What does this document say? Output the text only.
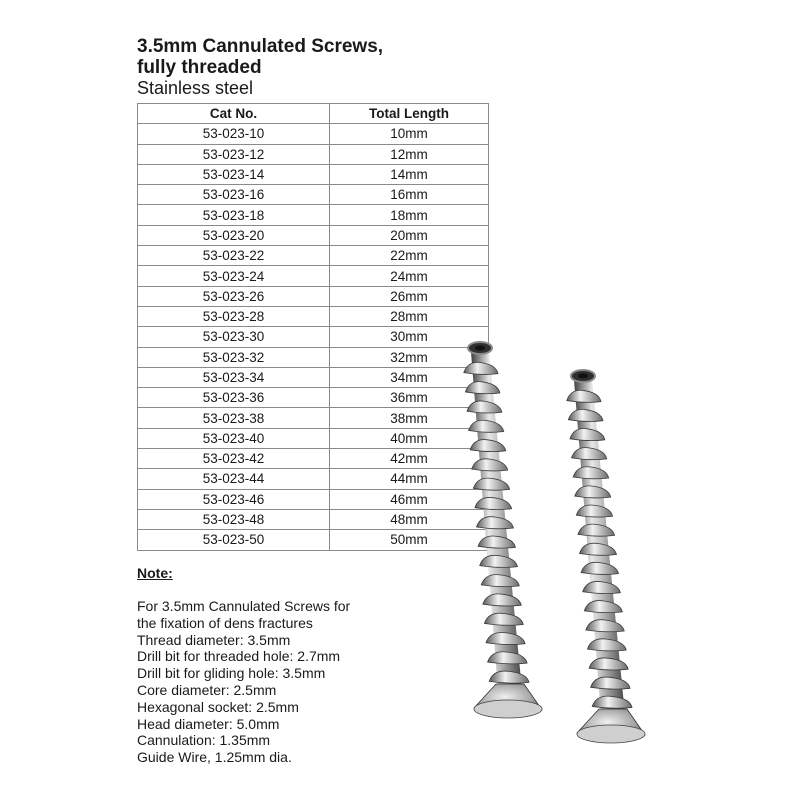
3.5mm Cannulated Screws,
fully threaded
Stainless steel
Cat No.	Total Length
53-023-10	10mm
53-023-12	12mm
53-023-14	14mm
53-023-16	16mm
53-023-18	18mm
53-023-20	20mm
53-023-22	22mm
53-023-24	24mm
53-023-26	26mm
53-023-28	28mm
53-023-30	30mm
53-023-32	32mm
53-023-34	34mm
53-023-36	36mm
53-023-38	38mm
53-023-40	40mm
53-023-42	42mm
53-023-44	44mm
53-023-46	46mm
53-023-48	48mm
53-023-50	50mm
Note:
For 3.5mm Cannulated Screws for
the fixation of dens fractures
Thread diameter: 3.5mm
Drill bit for threaded hole: 2.7mm
Drill bit for gliding hole: 3.5mm
Core diameter: 2.5mm
Hexagonal socket: 2.5mm
Head diameter: 5.0mm
Cannulation: 1.35mm
Guide Wire, 1.25mm dia.
